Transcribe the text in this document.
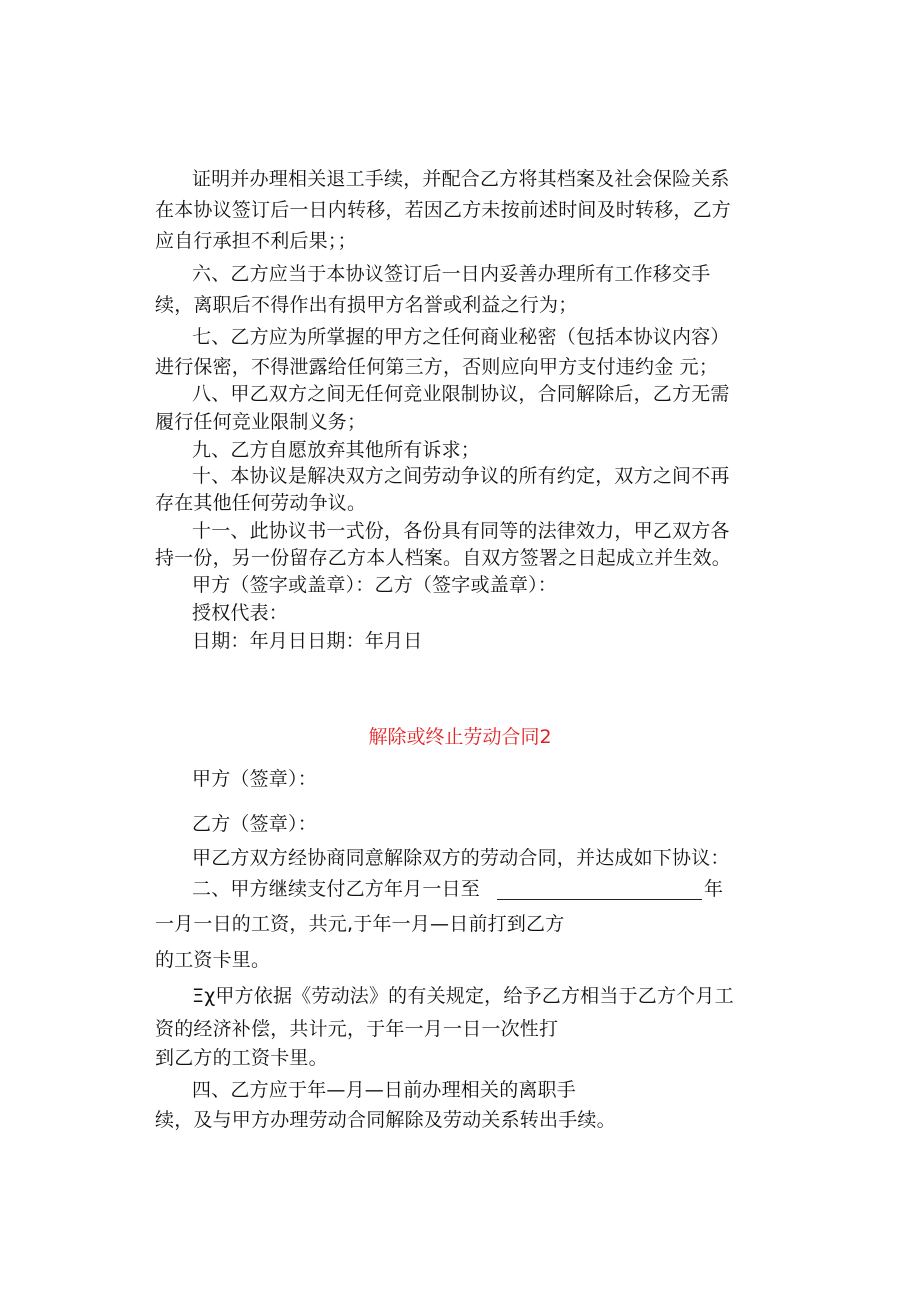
证明并办理相关退工手续，并配合乙方将其档案及社会保险关系
在本协议签订后一日内转移，若因乙方未按前述时间及时转移，乙方
应自行承担不利后果；；
六、乙方应当于本协议签订后一日内妥善办理所有工作移交手
续，离职后不得作出有损甲方名誉或利益之行为；
七、乙方应为所掌握的甲方之任何商业秘密（包括本协议内容）
进行保密，不得泄露给任何第三方，否则应向甲方支付违约金 元；
八、甲乙双方之间无任何竞业限制协议，合同解除后，乙方无需
履行任何竞业限制义务；
九、乙方自愿放弃其他所有诉求；
十、本协议是解决双方之间劳动争议的所有约定，双方之间不再
存在其他任何劳动争议。
十一、此协议书一式份，各份具有同等的法律效力，甲乙双方各
持一份，另一份留存乙方本人档案。自双方签署之日起成立并生效。
甲方（签字或盖章）：乙方（签字或盖章）：
授权代表：
日期：年月日日期：年月日
解除或终止劳动合同2
甲方（签章）：
乙方（签章）：
甲乙方双方经协商同意解除双方的劳动合同，并达成如下协议：
二、甲方继续支付乙方年月一日至	年
一月一日的工资，共元,于年一月—日前打到乙方
的工资卡里。
Ξχ甲方依据《劳动法》的有关规定，给予乙方相当于乙方个月工
资的经济补偿，共计元，于年一月一日一次性打
到乙方的工资卡里。
四、乙方应于年—月—日前办理相关的离职手
续，及与甲方办理劳动合同解除及劳动关系转出手续。
